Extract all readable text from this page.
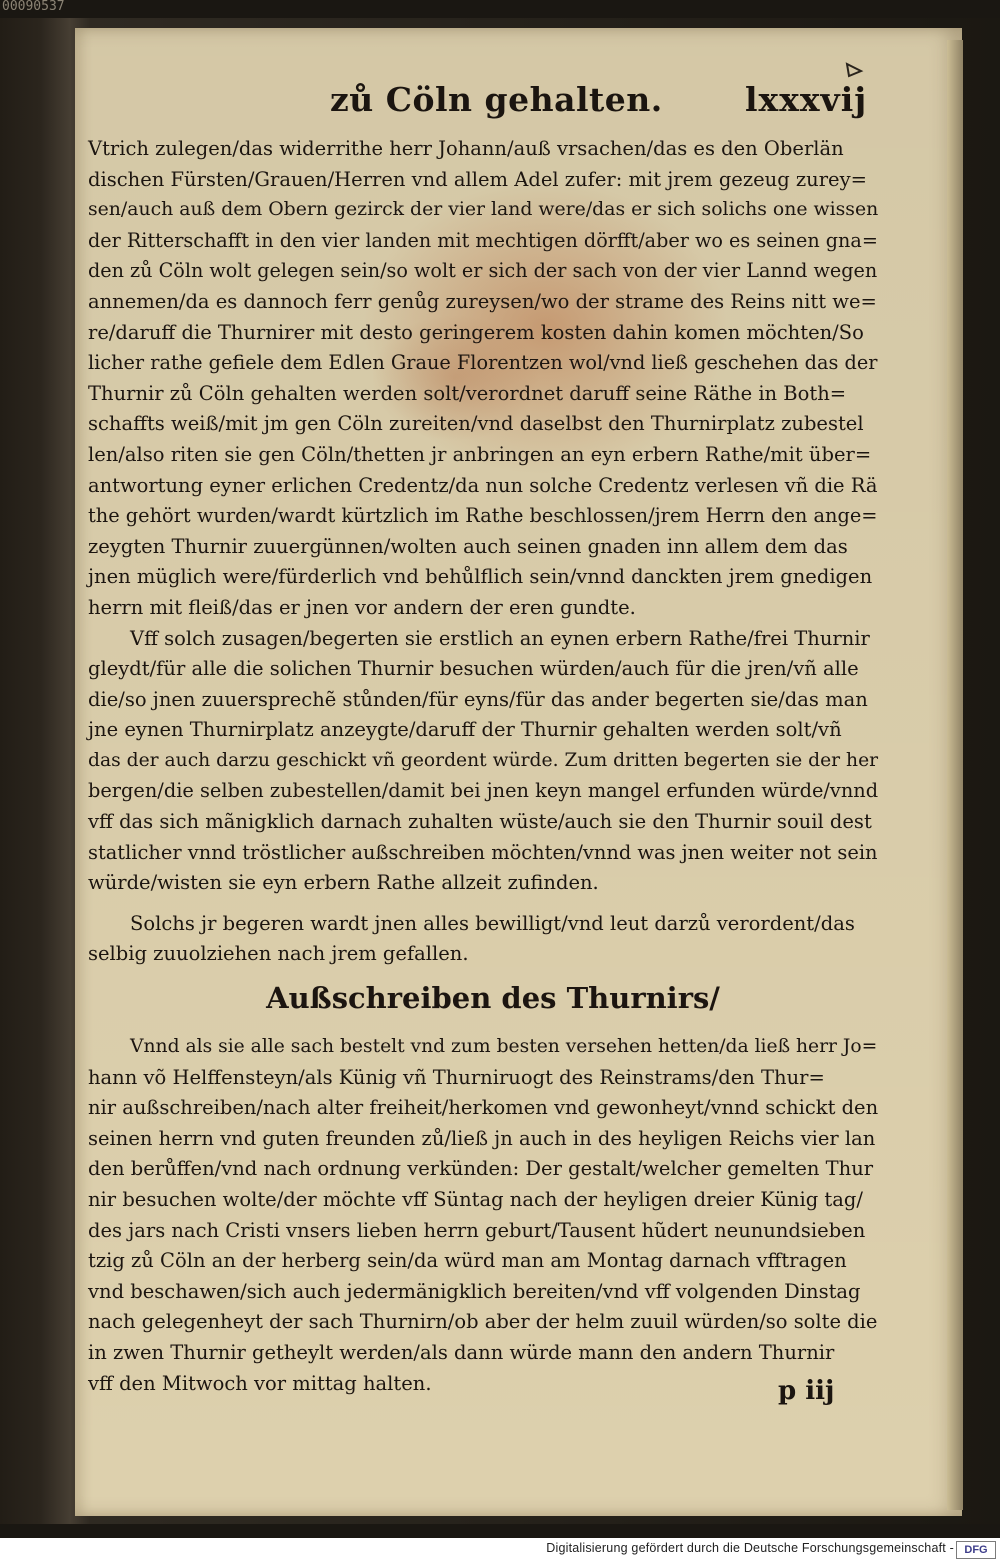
00090537
zů Cöln gehalten. lxxxvij
Vtrich zulegen/das widerrithe herr Johann/auß vrsachen/das es den Oberlän
dischen Fürsten/Grauen/Herren vnd allem Adel zufer: mit jrem gezeug zurey=
sen/auch auß dem Obern gezirck der vier land were/das er sich solichs one wissen
der Ritterschafft in den vier landen mit mechtigen dörfft/aber wo es seinen gna=
den zů Cöln wolt gelegen sein/so wolt er sich der sach von der vier Lannd wegen
annemen/da es dannoch ferr genůg zureysen/wo der strame des Reins nitt we=
re/daruff die Thurnirer mit desto geringerem kosten dahin komen möchten/So
licher rathe gefiele dem Edlen Graue Florentzen wol/vnd ließ geschehen das der
Thurnir zů Cöln gehalten werden solt/verordnet daruff seine Räthe in Both=
schaffts weiß/mit jm gen Cöln zureiten/vnd daselbst den Thurnirplatz zubestel
len/also riten sie gen Cöln/thetten jr anbringen an eyn erbern Rathe/mit über=
antwortung eyner erlichen Credentz/da nun solche Credentz verlesen vñ die Rä
the gehört wurden/wardt kürtzlich im Rathe beschlossen/jrem Herrn den ange=
zeygten Thurnir zuuergünnen/wolten auch seinen gnaden inn allem dem das
jnen müglich were/fürderlich vnd behůlflich sein/vnnd danckten jrem gnedigen
herrn mit fleiß/das er jnen vor andern der eren gundte.
Vff solch zusagen/begerten sie erstlich an eynen erbern Rathe/frei Thurnir
gleydt/für alle die solichen Thurnir besuchen würden/auch für die jren/vñ alle
die/so jnen zuuersprechẽ stůnden/für eyns/für das ander begerten sie/das man
jne eynen Thurnirplatz anzeygte/daruff der Thurnir gehalten werden solt/vñ
das der auch darzu geschickt vñ geordent würde. Zum dritten begerten sie der her
bergen/die selben zubestellen/damit bei jnen keyn mangel erfunden würde/vnnd
vff das sich mãnigklich darnach zuhalten wüste/auch sie den Thurnir souil dest
statlicher vnnd tröstlicher außschreiben möchten/vnnd was jnen weiter not sein
würde/wisten sie eyn erbern Rathe allzeit zufinden.
Solchs jr begeren wardt jnen alles bewilligt/vnd leut darzů verordent/das
selbig zuuolziehen nach jrem gefallen.
Außschreiben des Thurnirs/
Vnnd als sie alle sach bestelt vnd zum besten versehen hetten/da ließ herr Jo=
hann võ Helffensteyn/als Künig vñ Thurniruogt des Reinstrams/den Thur=
nir außschreiben/nach alter freiheit/herkomen vnd gewonheyt/vnnd schickt den
seinen herrn vnd guten freunden zů/ließ jn auch in des heyligen Reichs vier lan
den berůffen/vnd nach ordnung verkünden: Der gestalt/welcher gemelten Thur
nir besuchen wolte/der möchte vff Süntag nach der heyligen dreier Künig tag/
des jars nach Cristi vnsers lieben herrn geburt/Tausent hũdert neunundsieben
tzig zů Cöln an der herberg sein/da würd man am Montag darnach vfftragen
vnd beschawen/sich auch jedermänigklich bereiten/vnd vff volgenden Dinstag
nach gelegenheyt der sach Thurnirn/ob aber der helm zuuil würden/so solte die
in zwen Thurnir getheylt werden/als dann würde mann den andern Thurnir
vff den Mitwoch vor mittag halten.	p iij
Digitalisierung gefördert durch die Deutsche Forschungsgemeinschaft - DFG
